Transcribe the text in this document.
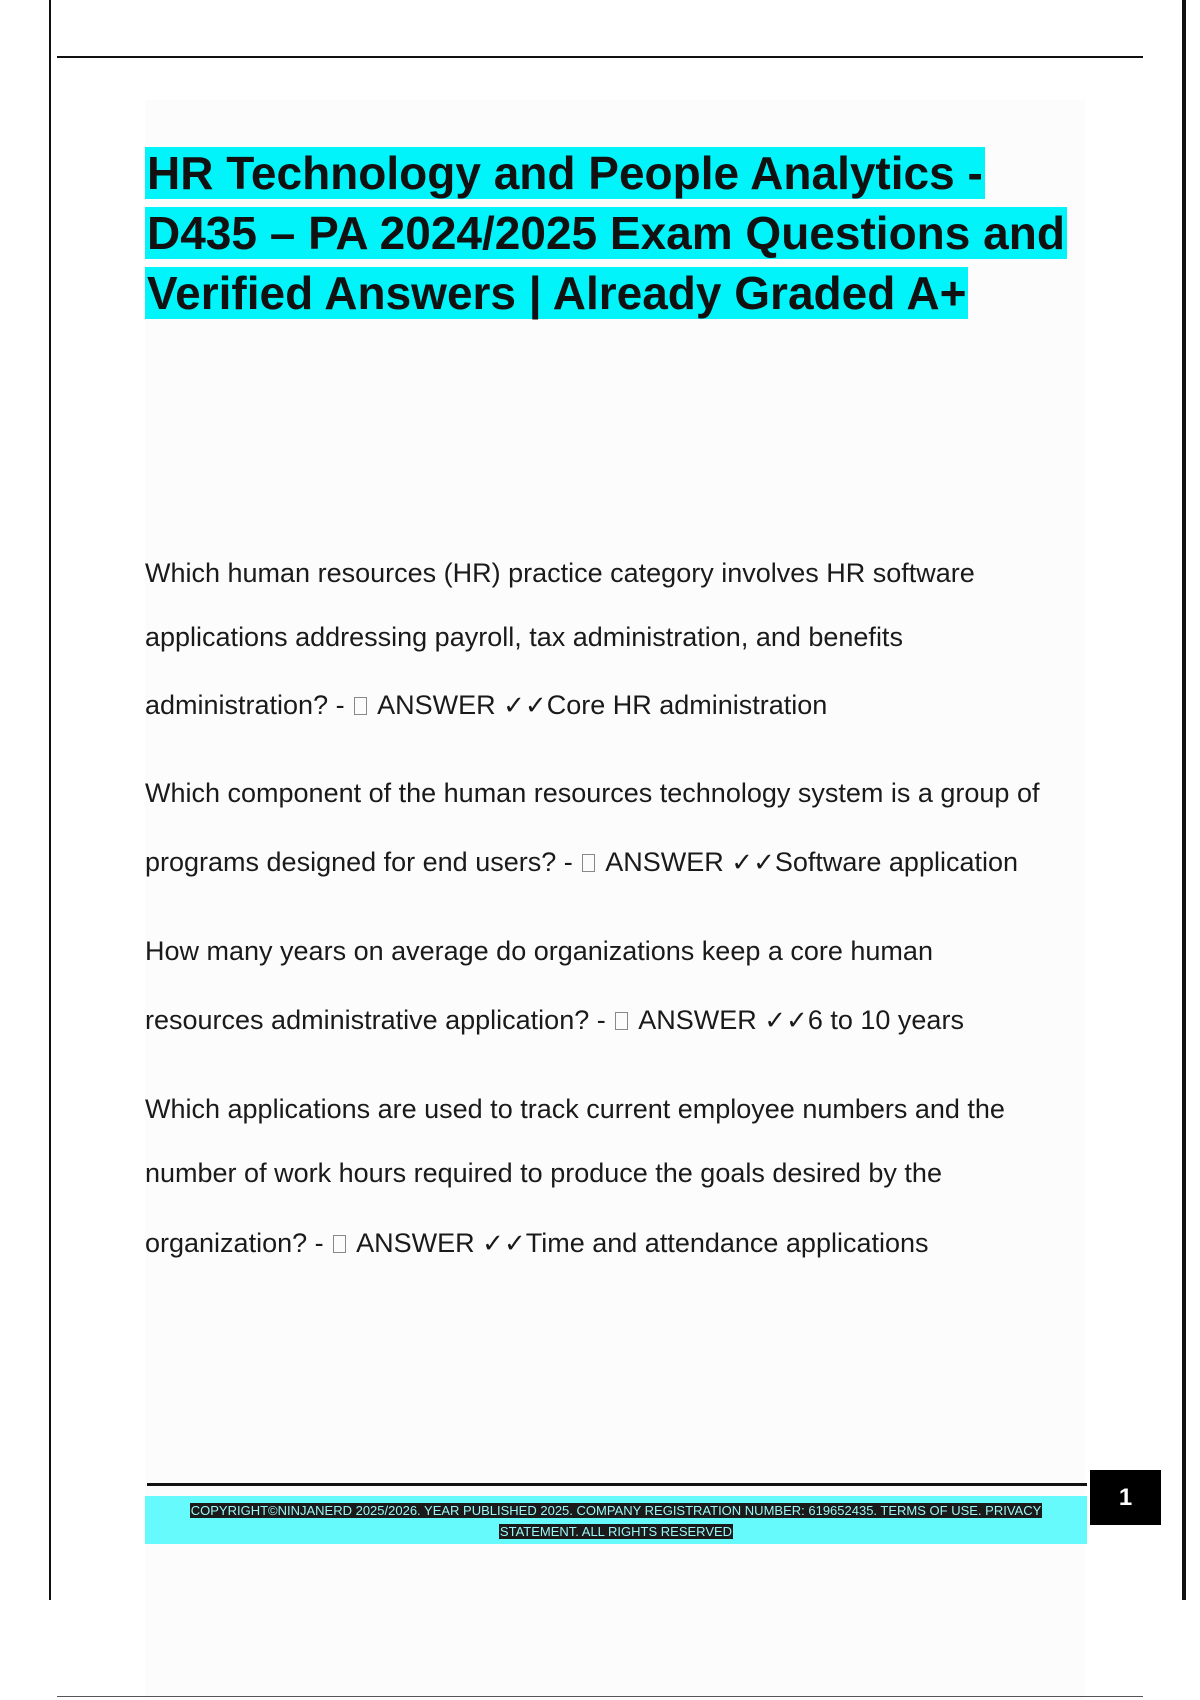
HR Technology and People Analytics - D435 – PA 2024/2025 Exam Questions and Verified Answers | Already Graded A+
Which human resources (HR) practice category involves HR software
applications addressing payroll, tax administration, and benefits
administration? -  ANSWER ✓✓Core HR administration
Which component of the human resources technology system is a group of
programs designed for end users? -  ANSWER ✓✓Software application
How many years on average do organizations keep a core human
resources administrative application? -  ANSWER ✓✓6 to 10 years
Which applications are used to track current employee numbers and the
number of work hours required to produce the goals desired by the
organization? -  ANSWER ✓✓Time and attendance applications
COPYRIGHT©NINJANERD 2025/2026. YEAR PUBLISHED 2025. COMPANY REGISTRATION NUMBER: 619652435. TERMS OF USE. PRIVACY STATEMENT. ALL RIGHTS RESERVED
1
